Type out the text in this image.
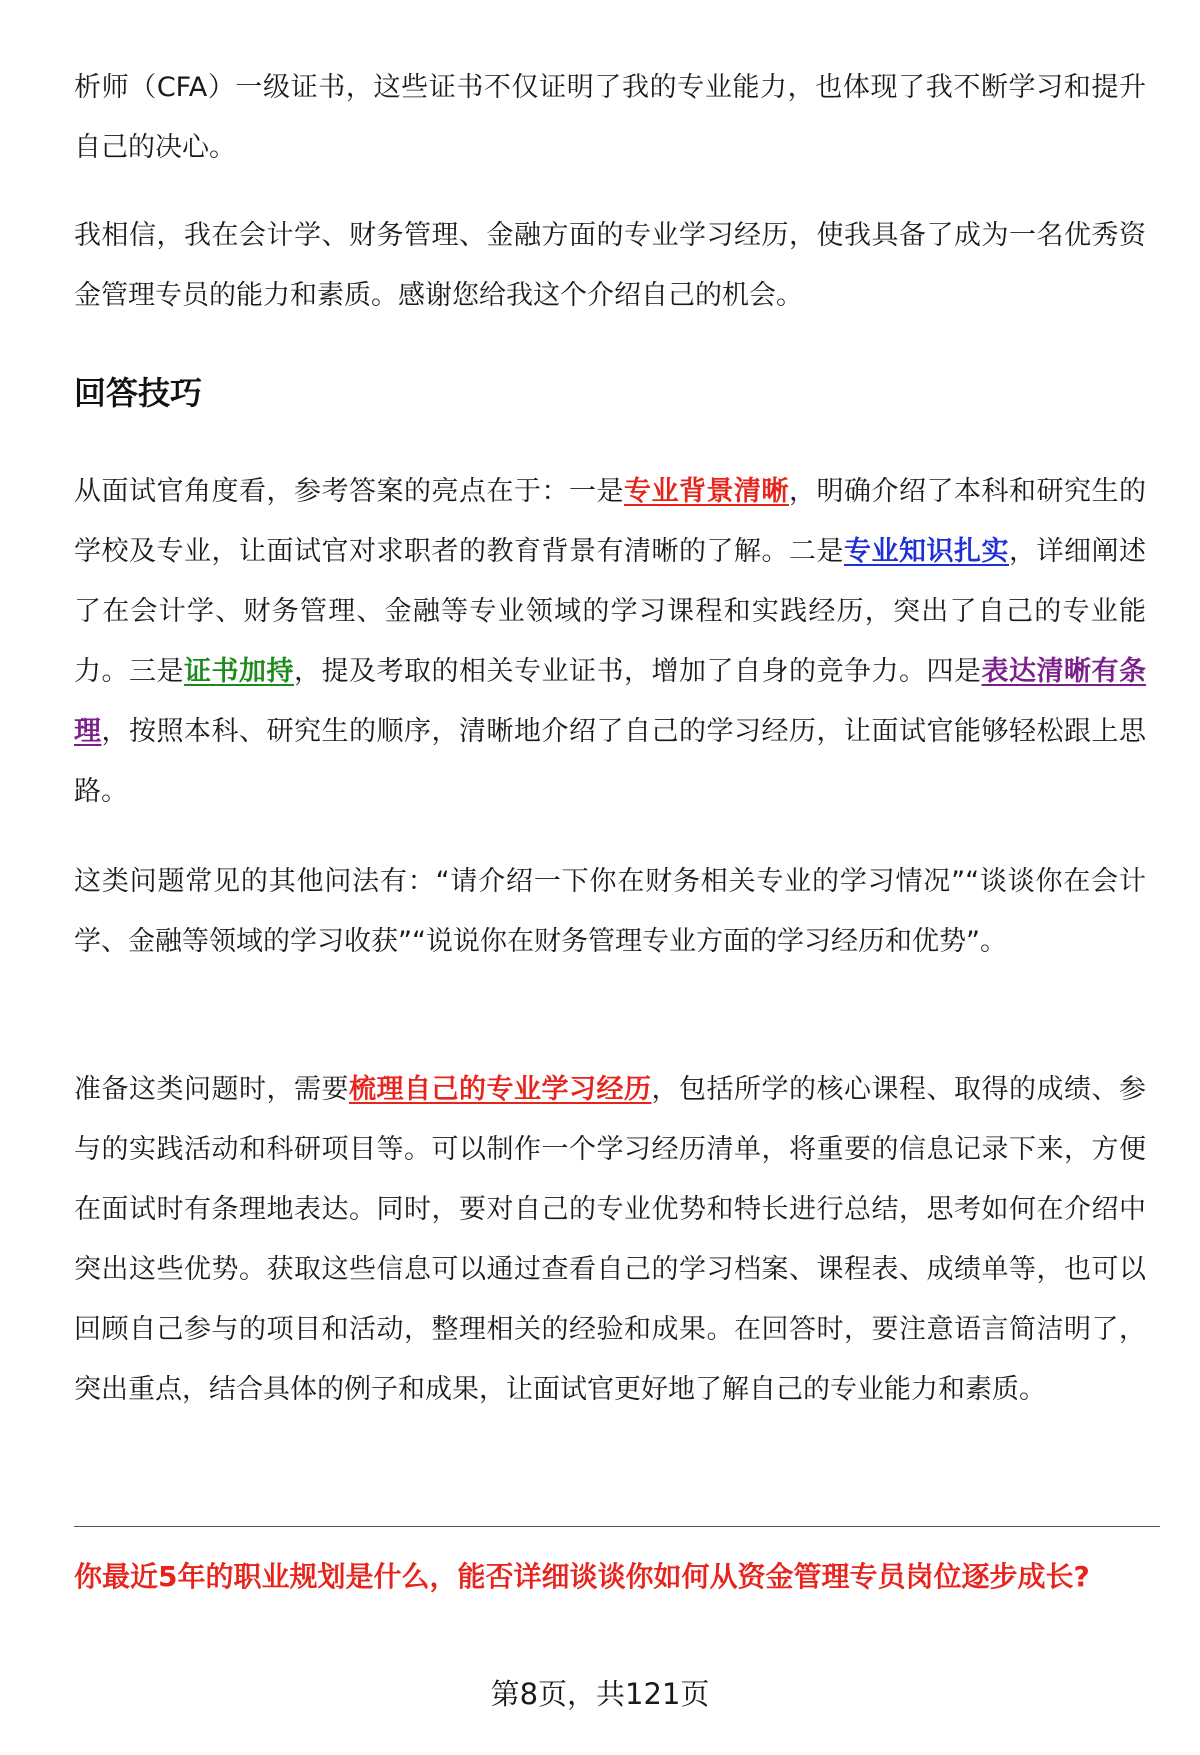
析师（CFA）一级证书，这些证书不仅证明了我的专业能力，也体现了我不断学习和提升自己的决心。

我相信，我在会计学、财务管理、金融方面的专业学习经历，使我具备了成为一名优秀资金管理专员的能力和素质。感谢您给我这个介绍自己的机会。

回答技巧

从面试官角度看，参考答案的亮点在于：一是专业背景清晰，明确介绍了本科和研究生的学校及专业，让面试官对求职者的教育背景有清晰的了解。二是专业知识扎实，详细阐述了在会计学、财务管理、金融等专业领域的学习课程和实践经历，突出了自己的专业能力。三是证书加持，提及考取的相关专业证书，增加了自身的竞争力。四是表达清晰有条理，按照本科、研究生的顺序，清晰地介绍了自己的学习经历，让面试官能够轻松跟上思路。

这类问题常见的其他问法有：“请介绍一下你在财务相关专业的学习情况”“谈谈你在会计学、金融等领域的学习收获”“说说你在财务管理专业方面的学习经历和优势”。

准备这类问题时，需要梳理自己的专业学习经历，包括所学的核心课程、取得的成绩、参与的实践活动和科研项目等。可以制作一个学习经历清单，将重要的信息记录下来，方便在面试时有条理地表达。同时，要对自己的专业优势和特长进行总结，思考如何在介绍中突出这些优势。获取这些信息可以通过查看自己的学习档案、课程表、成绩单等，也可以回顾自己参与的项目和活动，整理相关的经验和成果。在回答时，要注意语言简洁明了，突出重点，结合具体的例子和成果，让面试官更好地了解自己的专业能力和素质。

你最近5年的职业规划是什么，能否详细谈谈你如何从资金管理专员岗位逐步成长?

第8页，共121页
